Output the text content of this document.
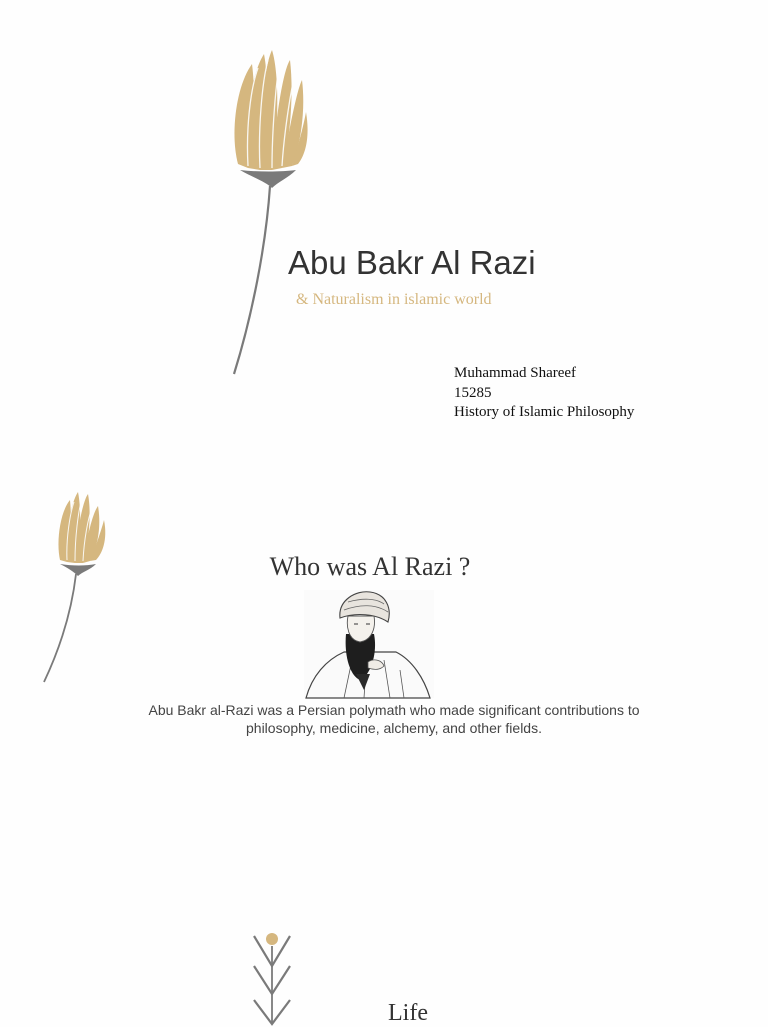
Abu Bakr Al Razi
& Naturalism in islamic world
Muhammad Shareef
15285
History of Islamic Philosophy
Who was Al Razi ?
Abu Bakr al-Razi was a Persian polymath who made significant contributions to philosophy, medicine, alchemy, and other fields.
Life
